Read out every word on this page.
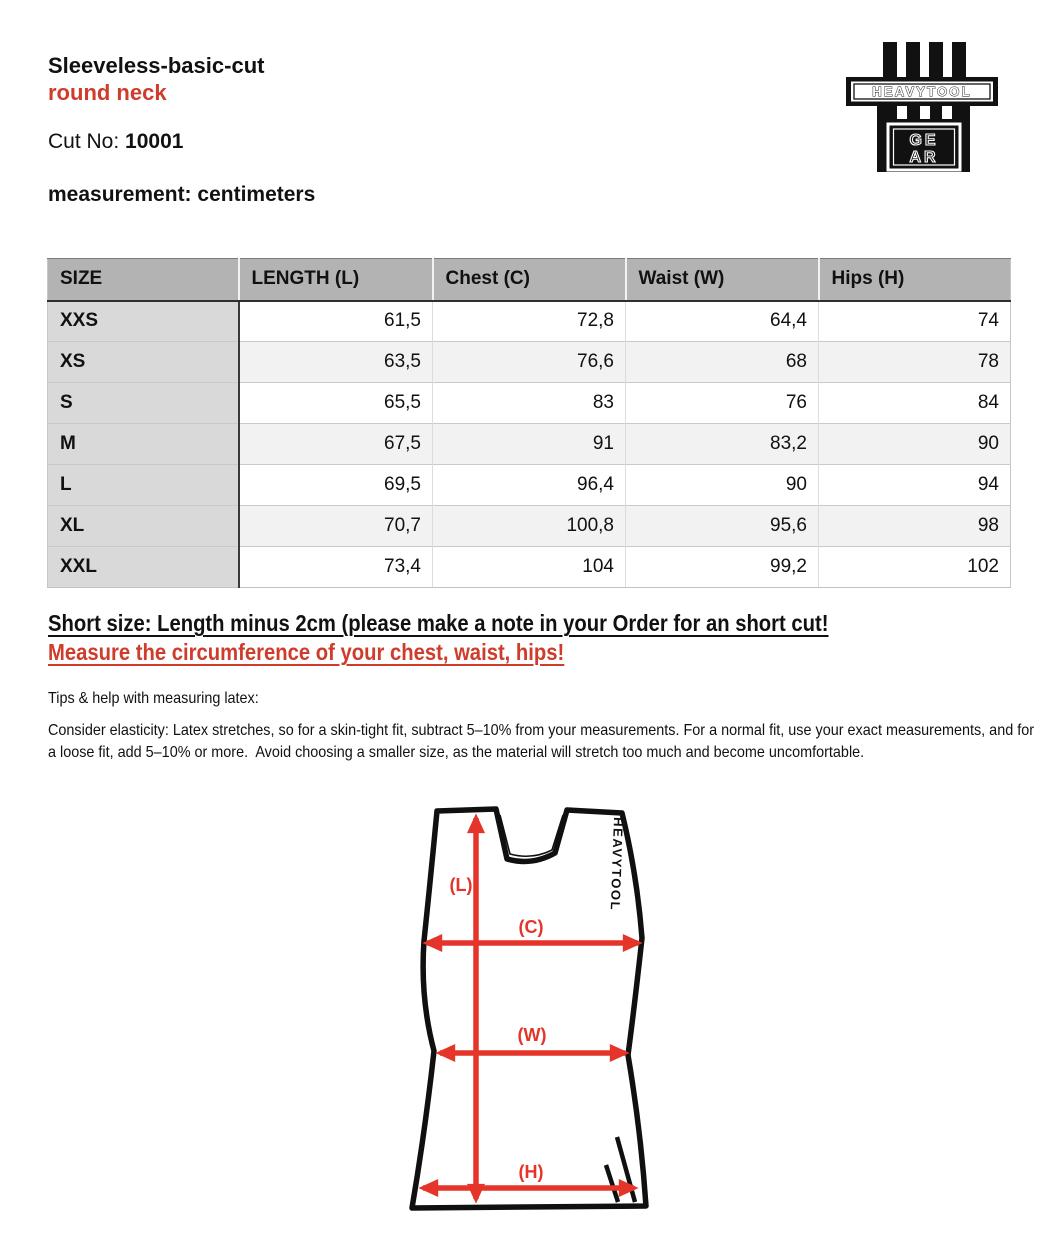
Sleeveless-basic-cut
round neck
Cut No: 10001
measurement: centimeters
HEAVYTOOL
GE
AR
SIZE	LENGTH (L)	Chest (C)	Waist (W)	Hips (H)
XXS	61,5	72,8	64,4	74
XS	63,5	76,6	68	78
S	65,5	83	76	84
M	67,5	91	83,2	90
L	69,5	96,4	90	94
XL	70,7	100,8	95,6	98
XXL	73,4	104	99,2	102
Short size: Length minus 2cm (please make a note in your Order for an short cut!
Measure the circumference of your chest, waist, hips!
Tips & help with measuring latex:
Consider elasticity: Latex stretches, so for a skin-tight fit, subtract 5–10% from your measurements. For a normal fit, use your exact measurements, and for
a loose fit, add 5–10% or more.  Avoid choosing a smaller size, as the material will stretch too much and become uncomfortable.
HEAVYTOOL
(L)
(C)
(W)
(H)
